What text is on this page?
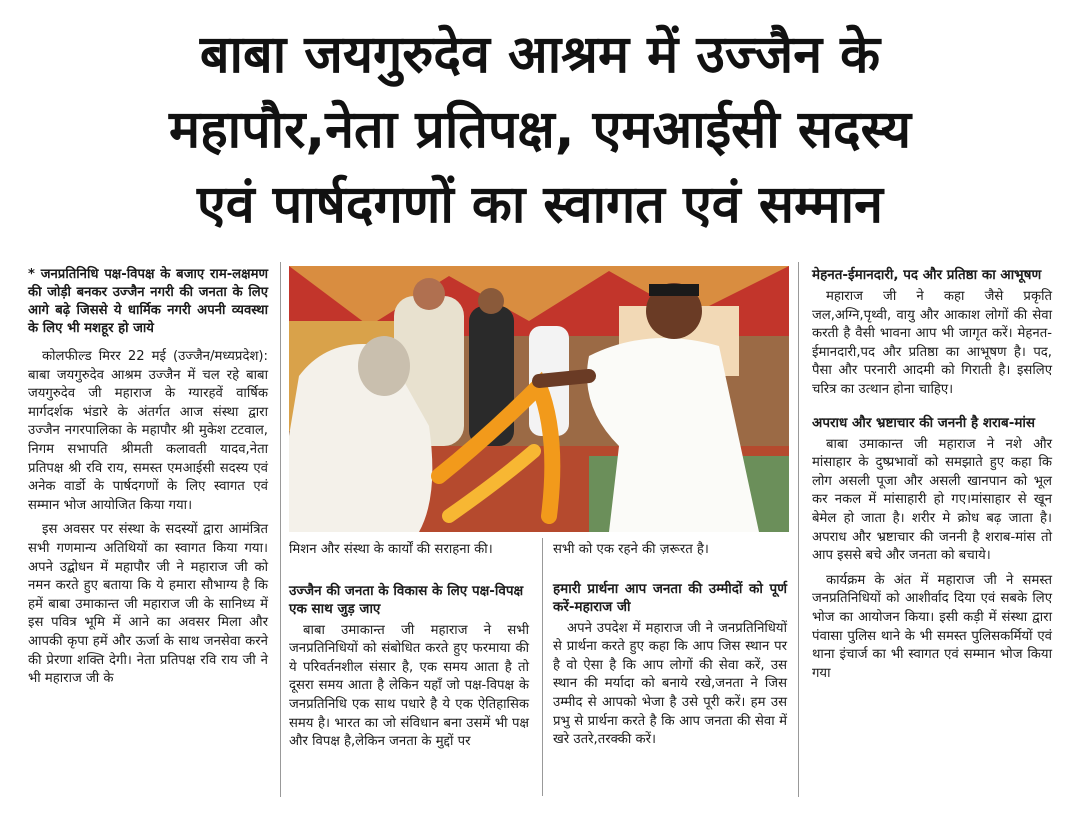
बाबा जयगुरुदेव आश्रम में उज्जैन के
महापौर,नेता प्रतिपक्ष, एमआईसी सदस्य
एवं पार्षदगणों का स्वागत एवं सम्मान
* जनप्रतिनिधि पक्ष-विपक्ष के बजाए राम-लक्षमण की जोड़ी बनकर उज्जैन नगरी की जनता के लिए आगे बढ़े जिससे ये धार्मिक नगरी अपनी व्यवस्था के लिए भी मशहूर हो जाये

कोलफील्ड मिरर 22 मई (उज्जैन/मध्यप्रदेश): बाबा जयगुरुदेव आश्रम उज्जैन में चल रहे बाबा जयगुरुदेव जी महाराज के ग्यारहवें वार्षिक मार्गदर्शक भंडारे के अंतर्गत आज संस्था द्वारा उज्जैन नगरपालिका के महापौर श्री मुकेश टटवाल, निगम सभापति श्रीमती कलावती यादव,नेता प्रतिपक्ष श्री रवि राय, समस्त एमआईसी सदस्य एवं अनेक वार्डो के पार्षदगणों के लिए स्वागत एवं सम्मान भोज आयोजित किया गया।

इस अवसर पर संस्था के सदस्यों द्वारा आमंत्रित सभी गणमान्य अतिथियों का स्वागत किया गया। अपने उद्बोधन में महापौर जी ने महाराज जी को नमन करते हुए बताया कि ये हमारा सौभाग्य है कि हमें बाबा उमाकान्त जी महाराज जी के सानिध्य में इस पवित्र भूमि में आने का अवसर मिला और आपकी कृपा हमें और ऊर्जा के साथ जनसेवा करने की प्रेरणा शक्ति देगी। नेता प्रतिपक्ष रवि राय जी ने भी महाराज जी के

मिशन और संस्था के कार्यों की सराहना की।

उज्जैन की जनता के विकास के लिए पक्ष-विपक्ष एक साथ जुड़ जाए

बाबा उमाकान्त जी महाराज ने सभी जनप्रतिनिधियों को संबोधित करते हुए फरमाया की ये परिवर्तनशील संसार है, एक समय आता है तो दूसरा समय आता है लेकिन यहाँ जो पक्ष-विपक्ष के जनप्रतिनिधि एक साथ पधारे है ये एक ऐतिहासिक समय है। भारत का जो संविधान बना उसमें भी पक्ष और विपक्ष है,लेकिन जनता के मुद्दों पर

सभी को एक रहने की ज़रूरत है।

हमारी प्रार्थना आप जनता की उम्मीदों को पूर्ण करें-महाराज जी

अपने उपदेश में महाराज जी ने जनप्रतिनिधियों से प्रार्थना करते हुए कहा कि आप जिस स्थान पर है वो ऐसा है कि आप लोगों की सेवा करें, उस स्थान की मर्यादा को बनाये रखे,जनता ने जिस उम्मीद से आपको भेजा है उसे पूरी करें। हम उस प्रभु से प्रार्थना करते है कि आप जनता की सेवा में खरे उतरे,तरक्की करें।

मेहनत-ईमानदारी, पद और प्रतिष्ठा का आभूषण

महाराज जी ने कहा जैसे प्रकृति जल,अग्नि,पृथ्वी, वायु और आकाश लोगों की सेवा करती है वैसी भावना आप भी जागृत करें। मेहनत-ईमानदारी,पद और प्रतिष्ठा का आभूषण है। पद, पैसा और परनारी आदमी को गिराती है। इसलिए चरित्र का उत्थान होना चाहिए।

अपराध और भ्रष्टाचार की जननी है शराब-मांस

बाबा उमाकान्त जी महाराज ने नशे और मांसाहार के दुष्प्रभावों को समझाते हुए कहा कि लोग असली पूजा और असली खानपान को भूल कर नकल में मांसाहारी हो गए।मांसाहार से खून बेमेल हो जाता है। शरीर मे क्रोध बढ़ जाता है। अपराध और भ्रष्टाचार की जननी है शराब-मांस तो आप इससे बचे और जनता को बचाये।

कार्यक्रम के अंत में महाराज जी ने समस्त जनप्रतिनिधियों को आशीर्वाद दिया एवं सबके लिए भोज का आयोजन किया। इसी कड़ी में संस्था द्वारा पंवासा पुलिस थाने के भी समस्त पुलिसकर्मियों एवं थाना इंचार्ज का भी स्वागत एवं सम्मान भोज किया गया
